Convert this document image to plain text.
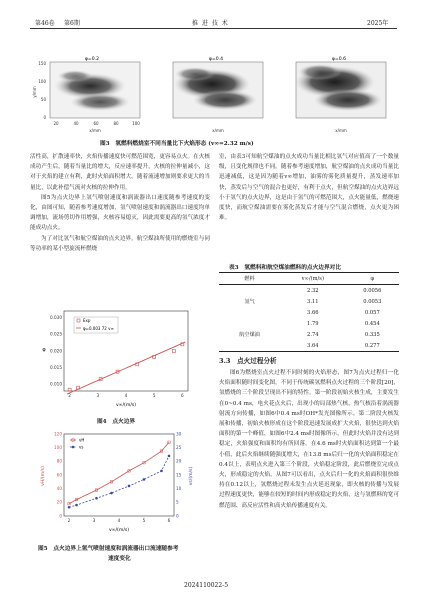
第46卷 第6期	推 进 技 术	2025年
φ=0.2	φ=0.4	φ=0.6
y/mm
150
100
50
0
20	40	60	80	100
x/mm	x/mm	x/mm
图3　氢燃料燃烧室不同当量比下火焰形态 (v∞=2.32 m/s)

活性高，扩散速率快，火焰传播速度快可燃范围宽，更容易点火。在火核成功产生后，随着当量比的增大，反应速率提升，火核的拉伸量减小，这对于火焰的建立有利，此时火焰面积增大。随着流速增加则要求更大的当量比，以此补偿气流对火核的拉伸作用。

图5为点火边界上氢气喷射速度和涡流器出口速度随参考速度的变化，由图可知，随着参考速度增加，氢气喷射速度和涡流器出口速度均单调增加，流场剪切作用增强，火核容易熄灭，因此需要更高的氢气浓度才能成功点火。

为了对比氢气和航空煤油的点火边界，航空煤油所使用的燃烧室与同等功率的某小型旋流杯燃烧

0.010
0.015
0.020
0.025
0.030
2	3	4	5	6
Exp
φ=0.003 72 v∞
φ
v∞/(m/s)
图4　点火边界
0
20
40
60
80
100
120
0
5
10
15
20
25
30
2	3	4	5	6
vH
vs
vH/(m/s)	vs/(m/s)
v∞/(m/s)
图5　点火边界上氢气喷射速度和涡流器出口流速随参考
速度变化

室，由表3可知航空煤油的点火成功当量比相比氢气对应值高了一个数量级，且变化规律也不同。随着参考速度增加，航空煤油的点火成功当量比迅速减低，这是因为随着v∞增加，油雾的雾化质量提升，蒸发速率加快，蒸发后与空气的混合也更好，有利于点火，但航空煤油的点火边界远小于氢气的点火边界，这是由于氢气的可燃范围大，点火能量低，燃烧速度快，而航空煤油需要在雾化蒸发后才能与空气混合燃烧，点火更为困难。

表3　氢燃料和航空煤油燃料的点火边界对比
燃料	v∞/(m/s)	φ
氢气	2.32	0.0056
	3.11	0.0053
	3.66	0.057
航空煤油	1.79	0.454
	2.74	0.335
	3.64	0.277
3.3　点火过程分析

图6为燃烧室点火过程不同时刻的火焰形态，图7为点火过程归一化火焰面积随时间变化图。不同于传统碳氢燃料点火过程的三个阶段[20]，氢燃烧的三个阶段呈现出不同的特性。第一阶段初始火核生成，主要发生在0~0.4 ms，电火花点火后，出现小的局部热气核，热气核沿着涡流器射流方向传播，如图6中0.4 ms时OH*发光图像所示。第二阶段火核发展和传播，初始火核形成在这个阶段迅速发展成扩大火焰，很快达到火焰面积的第一个峰值，如图6中2.4 ms时图像所示，但此时火焰并没有达到稳定，火焰强度和面积均有所回落。在4.6 ms时火焰面积达到第一个最小值，此后火焰继续随强度增大，在13.8 ms后归一化的火焰面积稳定在0.4以上，表明点火进入第三个阶段，火焰稳定阶段，此后燃烧室完成点火，形成稳定的火焰。从图7可以看出，点火后归一化的火焰面积很快维持在0.12以上，氢燃烧过程未发生点火延迟现象，即火核的传播与发展过程速度更快，能够在较短的时间内形成稳定的火焰，这与氢燃料的宽可燃范围、高反应活性和高火焰传播速度有关。

2024110022-5
